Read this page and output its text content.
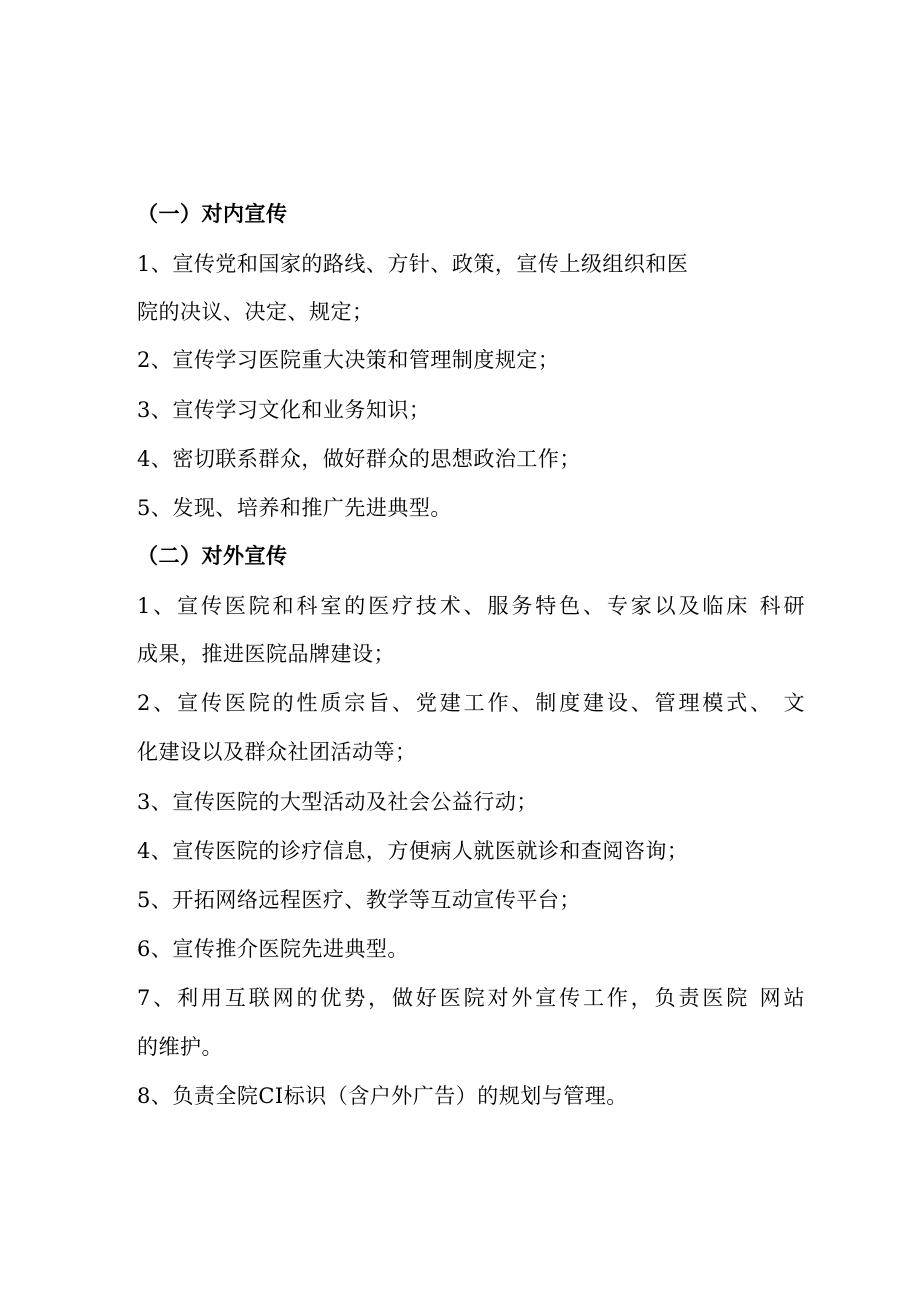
（一）对内宣传
1、宣传党和国家的路线、方针、政策，宣传上级组织和医
院的决议、决定、规定；
2、宣传学习医院重大决策和管理制度规定；
3、宣传学习文化和业务知识；
4、密切联系群众，做好群众的思想政治工作；
5、发现、培养和推广先进典型。
（二）对外宣传
1、宣传医院和科室的医疗技术、服务特色、专家以及临床 科研
成果，推进医院品牌建设；
2、宣传医院的性质宗旨、党建工作、制度建设、管理模式、 文
化建设以及群众社团活动等；
3、宣传医院的大型活动及社会公益行动；
4、宣传医院的诊疗信息，方便病人就医就诊和查阅咨询；
5、开拓网络远程医疗、教学等互动宣传平台；
6、宣传推介医院先进典型。
7、利用互联网的优势，做好医院对外宣传工作，负责医院 网站
的维护。
8、负责全院CI标识（含户外广告）的规划与管理。
